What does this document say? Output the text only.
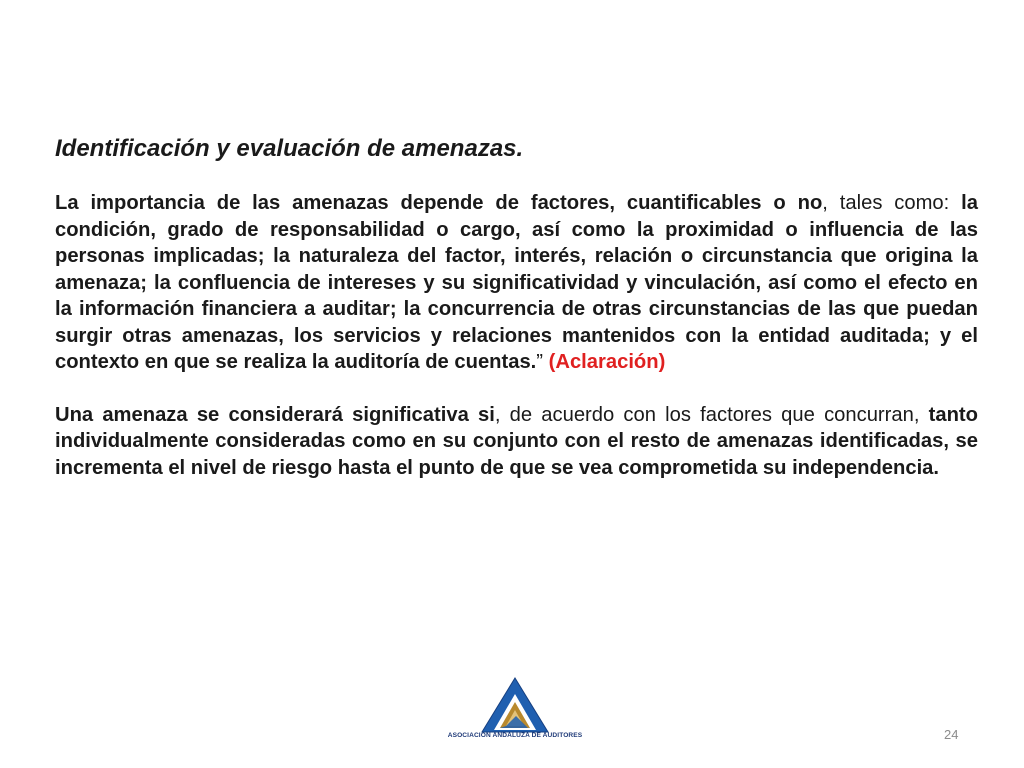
Identificación y evaluación de amenazas.

La importancia de las amenazas depende de factores, cuantificables o no, tales como: la condición, grado de responsabilidad o cargo, así como la proximidad o influencia de las personas implicadas; la naturaleza del factor, interés, relación o circunstancia que origina la amenaza; la confluencia de intereses y su significatividad y vinculación, así como el efecto en la información financiera a auditar; la concurrencia de otras circunstancias de las que puedan surgir otras amenazas, los servicios y relaciones mantenidos con la entidad auditada; y el contexto en que se realiza la auditoría de cuentas.” (Aclaración)

Una amenaza se considerará significativa si, de acuerdo con los factores que concurran, tanto individualmente consideradas como en su conjunto con el resto de amenazas identificadas, se incrementa el nivel de riesgo hasta el punto de que se vea comprometida su independencia.

ASOCIACION ANDALUZA DE AUDITORES	24
